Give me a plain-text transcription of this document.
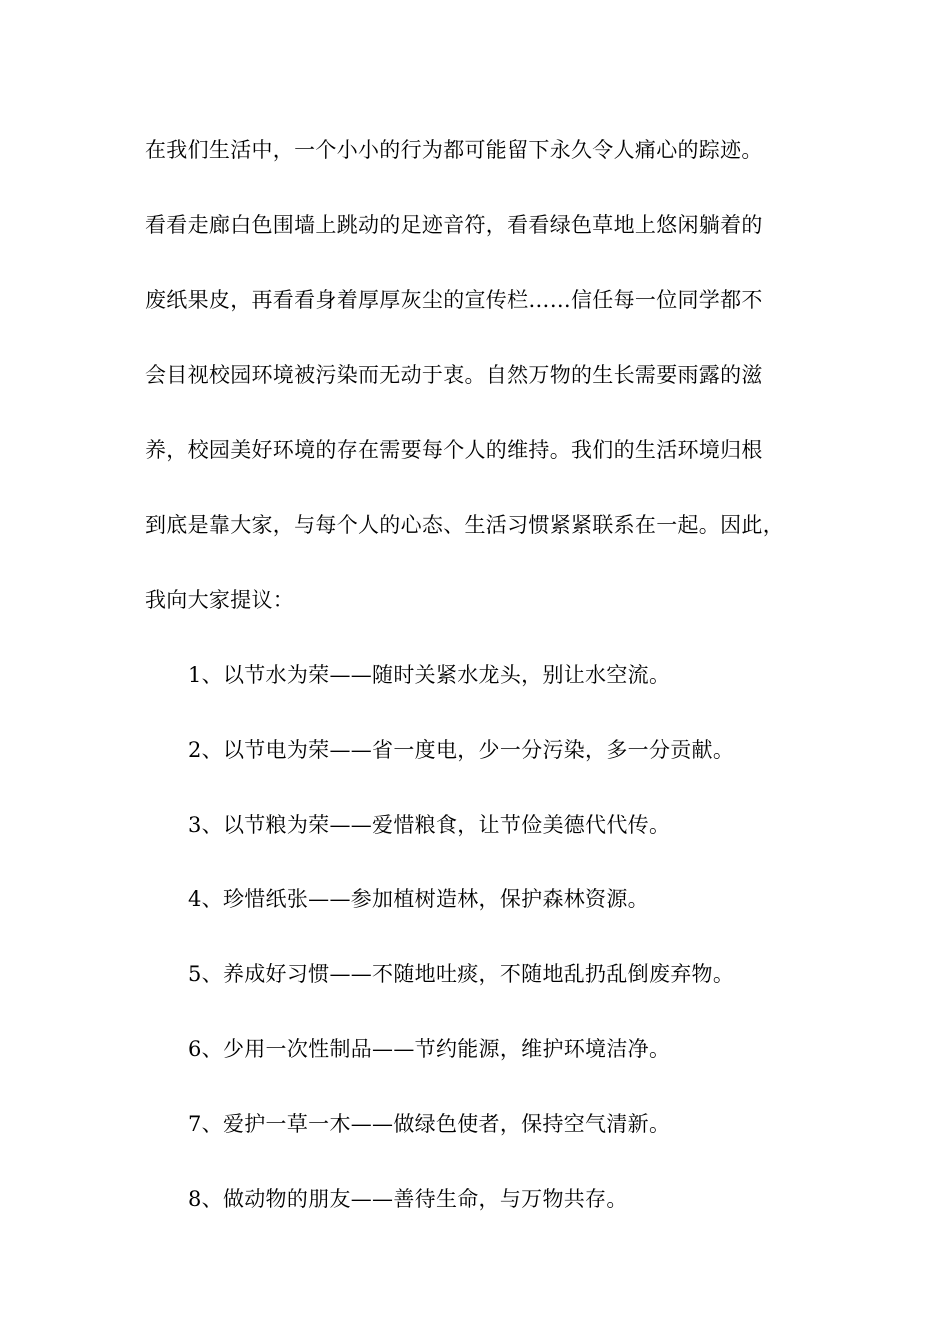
在我们生活中，一个小小的行为都可能留下永久令人痛心的踪迹。
看看走廊白色围墙上跳动的足迹音符，看看绿色草地上悠闲躺着的
废纸果皮，再看看身着厚厚灰尘的宣传栏……信任每一位同学都不
会目视校园环境被污染而无动于衷。自然万物的生长需要雨露的滋
养，校园美好环境的存在需要每个人的维持。我们的生活环境归根
到底是靠大家，与每个人的心态、生活习惯紧紧联系在一起。因此，
我向大家提议：
1、以节水为荣——随时关紧水龙头，别让水空流。
2、以节电为荣——省一度电，少一分污染，多一分贡献。
3、以节粮为荣——爱惜粮食，让节俭美德代代传。
4、珍惜纸张——参加植树造林，保护森林资源。
5、养成好习惯——不随地吐痰，不随地乱扔乱倒废弃物。
6、少用一次性制品——节约能源，维护环境洁净。
7、爱护一草一木——做绿色使者，保持空气清新。
8、做动物的朋友——善待生命，与万物共存。
